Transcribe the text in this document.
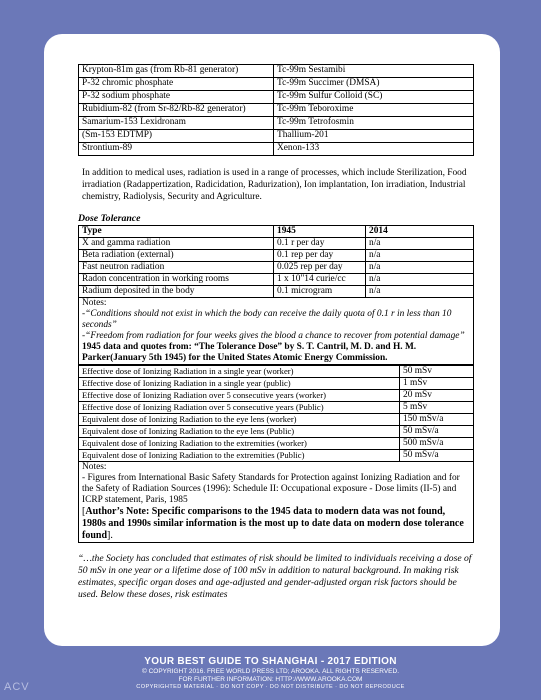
Krypton-81m gas (from Rb-81 generator)	Tc-99m Sestamibi
P-32 chromic phosphate	Tc-99m Succimer (DMSA)
P-32 sodium phosphate	Tc-99m Sulfur Colloid (SC)
Rubidium-82 (from Sr-82/Rb-82 generator)	Tc-99m Teboroxime
Samarium-153 Lexidronam	Tc-99m Tetrofosmin
(Sm-153 EDTMP)	Thallium-201
Strontium-89	Xenon-133

In addition to medical uses, radiation is used in a range of processes, which include Sterilization, Food irradiation (Radappertization, Radicidation, Radurization), Ion implantation, Ion irradiation, Industrial chemistry, Radiolysis, Security and Agriculture.

Dose Tolerance
Type	1945	2014
X and gamma radiation	0.1 r per day	n/a
Beta radiation (external)	0.1 rep per day	n/a
Fast neutron radiation	0.025 rep per day	n/a
Radon concentration in working rooms	1 x 10"14 curie/cc	n/a
Radium deposited in the body	0.1 microgram	n/a

Notes:
-“Conditions should not exist in which the body can receive the daily quota of 0.1 r in less than 10 seconds”
-“Freedom from radiation for four weeks gives the blood a chance to recover from potential damage”
1945 data and quotes from: “The Tolerance Dose” by S. T. Cantril, M. D. and H. M. Parker(January 5th 1945) for the United States Atomic Energy Commission.		
Effective dose of Ionizing Radiation in a single year (worker)	50 mSv
Effective dose of Ionizing Radiation in a single year (public)	1 mSv
Effective dose of Ionizing Radiation over 5 consecutive years (worker)	20 mSv
Effective dose of Ionizing Radiation over 5 consecutive years (Public)	5 mSv
Equivalent dose of Ionizing Radiation to the eye lens (worker)	150 mSv/a
Equivalent dose of Ionizing Radiation to the eye lens (Public)	50 mSv/a
Equivalent dose of Ionizing Radiation to the extremities (worker)	500 mSv/a
Equivalent dose of Ionizing Radiation to the extremities (Public)	50 mSv/a

Notes:
- Figures from International Basic Safety Standards for Protection against Ionizing Radiation and for the Safety of Radiation Sources (1996): Schedule II: Occupational exposure - Dose limits (II-5) and ICRP statement, Paris, 1985
[Author’s Note: Specific comparisons to the 1945 data to modern data was not found, 1980s and 1990s similar information is the most up to date data on modern dose tolerance found].	

“…the Society has concluded that estimates of risk should be limited to individuals receiving a dose of 50 mSv in one year or a lifetime dose of 100 mSv in addition to natural background. In making risk estimates, specific organ doses and age-adjusted and gender-adjusted organ risk factors should be used. Below these doses, risk estimates

YOUR BEST GUIDE TO SHANGHAI - 2017 EDITION
© COPYRIGHT 2016. FREE WORLD PRESS LTD; AROOKA. ALL RIGHTS RESERVED.
FOR FURTHER INFORMATION: HTTP://WWW.AROOKA.COM
COPYRIGHTED MATERIAL · DO NOT COPY · DO NOT DISTRIBUTE · DO NOT REPRODUCE
ACV
